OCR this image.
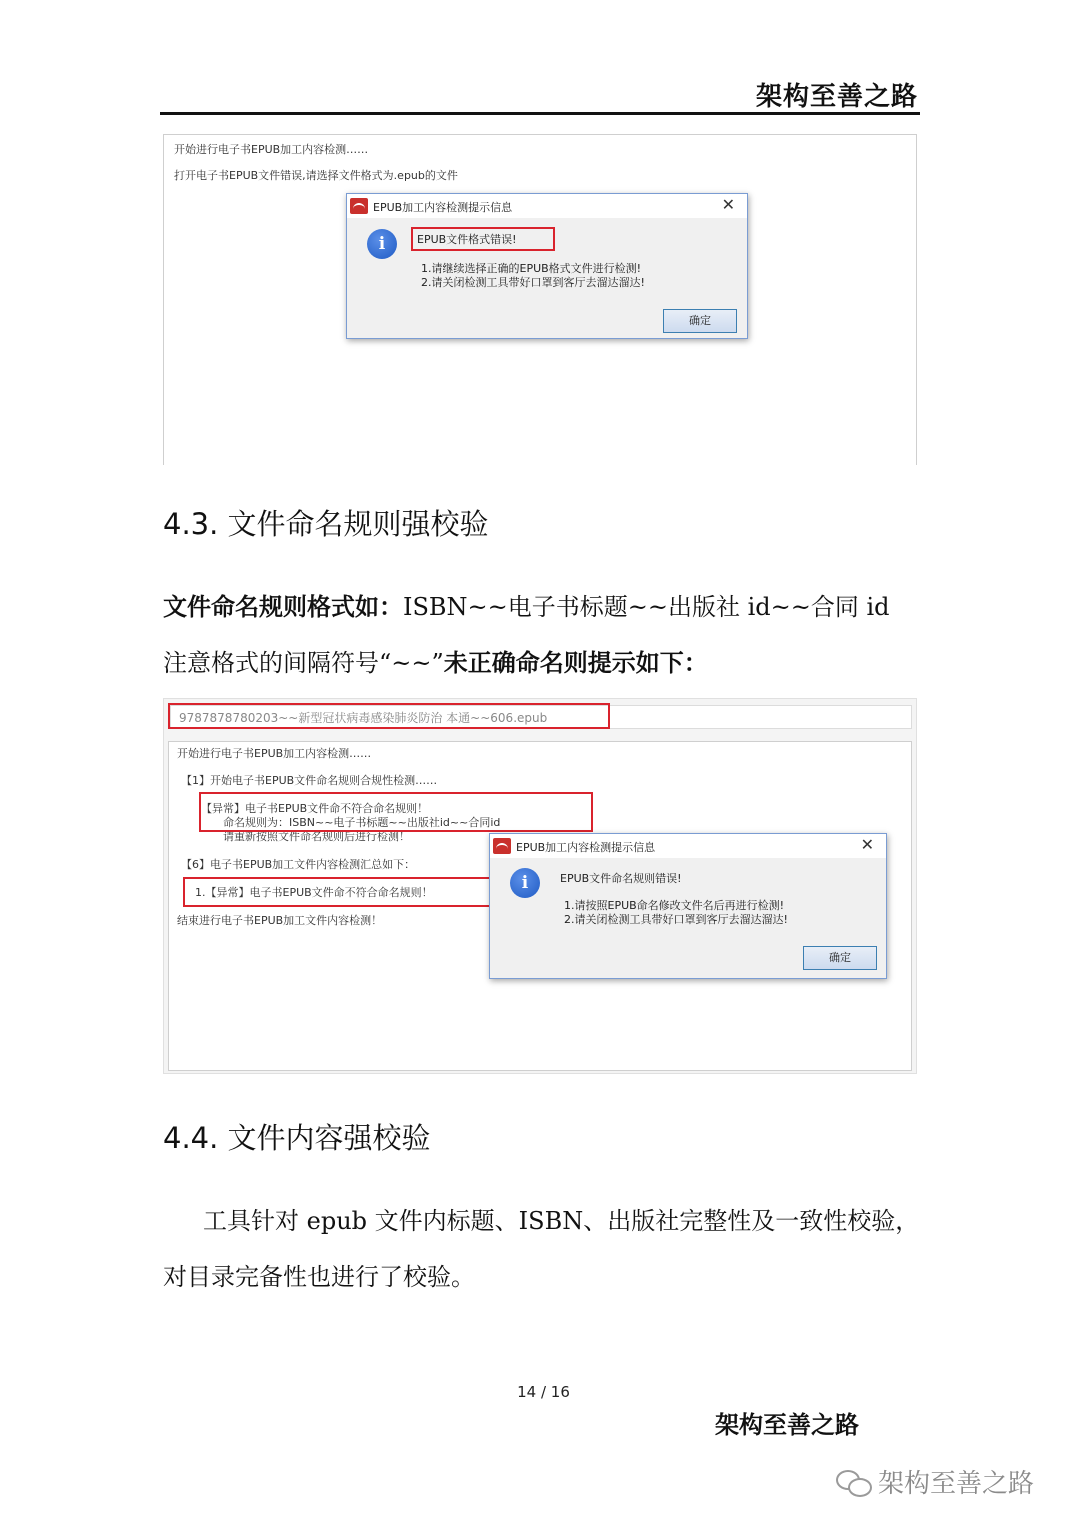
架构至善之路
开始进行电子书EPUB加工内容检测……
打开电子书EPUB文件错误,请选择文件格式为.epub的文件
EPUB加工内容检测提示信息	✕
i	EPUB文件格式错误!
1.请继续选择正确的EPUB格式文件进行检测!
2.请关闭检测工具带好口罩到客厅去溜达溜达!
确定
4.3. 文件命名规则强校验
文件命名规则格式如：ISBN~~电子书标题~~出版社 id~~合同 id
注意格式的间隔符号“~~”未正确命名则提示如下：
9787878780203~~新型冠状病毒感染肺炎防治 本通~~606.epub
开始进行电子书EPUB加工内容检测……
【1】开始电子书EPUB文件命名规则合规性检测……
【异常】电子书EPUB文件命不符合命名规则！
命名规则为：ISBN~~电子书标题~~出版社id~~合同id
请重新按照文件命名规则后进行检测！
【6】电子书EPUB加工文件内容检测汇总如下：
1.【异常】电子书EPUB文件命不符合命名规则！
结束进行电子书EPUB加工文件内容检测！
EPUB加工内容检测提示信息	✕
i	EPUB文件命名规则错误!
1.请按照EPUB命名修改文件名后再进行检测!
2.请关闭检测工具带好口罩到客厅去溜达溜达!
确定
4.4. 文件内容强校验
工具针对 epub 文件内标题、ISBN、出版社完整性及一致性校验，
对目录完备性也进行了校验。
14 / 16
架构至善之路
架构至善之路
